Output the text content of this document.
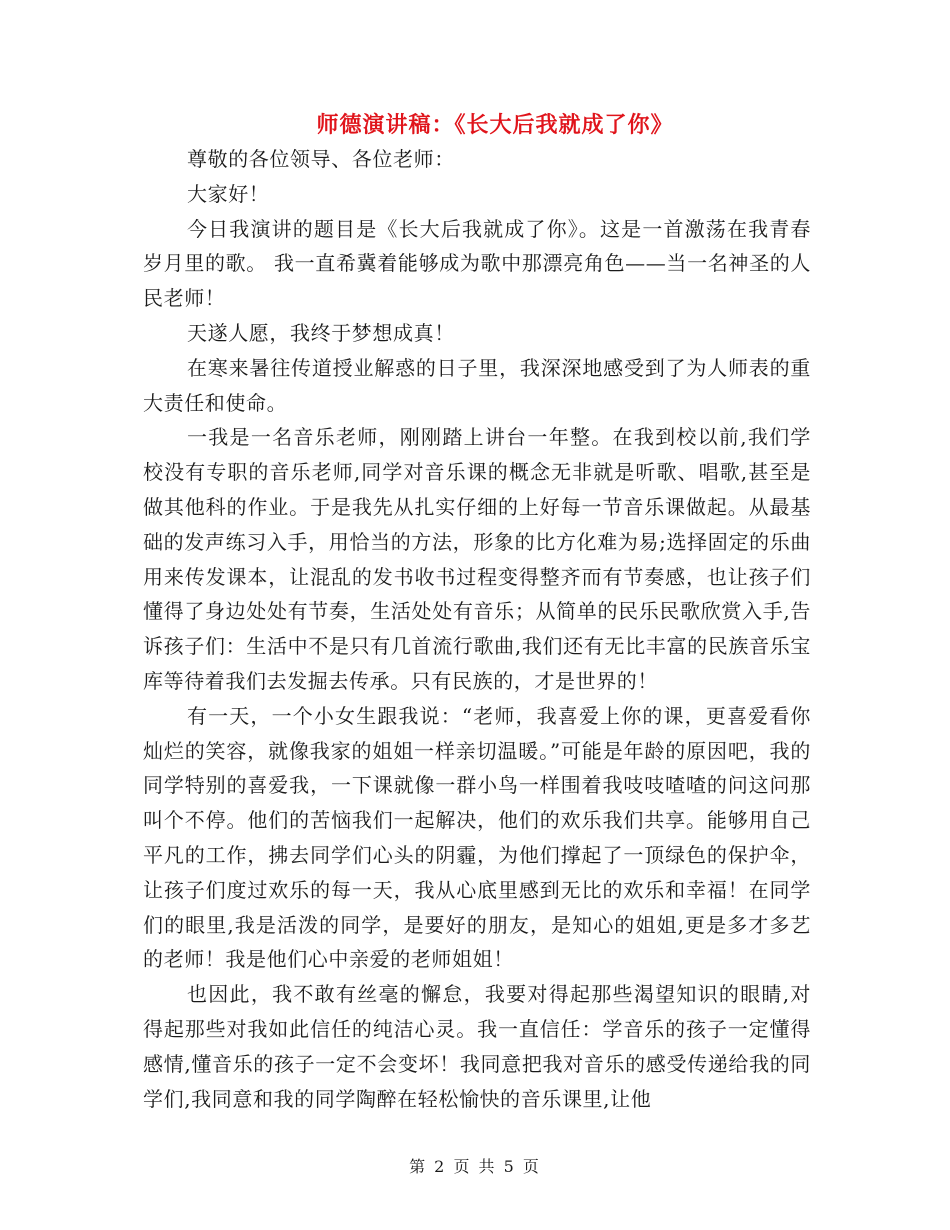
师德演讲稿：《长大后我就成了你》

尊敬的各位领导、各位老师：

大家好！

今日我演讲的题目是《长大后我就成了你》。这是一首激荡在我青春岁月里的歌。 我一直希冀着能够成为歌中那漂亮角色——当一名神圣的人民老师！

天遂人愿，我终于梦想成真！

在寒来暑往传道授业解惑的日子里，我深深地感受到了为人师表的重大责任和使命。

一我是一名音乐老师，刚刚踏上讲台一年整。在我到校以前,我们学校没有专职的音乐老师,同学对音乐课的概念无非就是听歌、唱歌,甚至是做其他科的作业。于是我先从扎实仔细的上好每一节音乐课做起。从最基础的发声练习入手，用恰当的方法，形象的比方化难为易;选择固定的乐曲用来传发课本，让混乱的发书收书过程变得整齐而有节奏感，也让孩子们懂得了身边处处有节奏，生活处处有音乐；从简单的民乐民歌欣赏入手,告诉孩子们：生活中不是只有几首流行歌曲,我们还有无比丰富的民族音乐宝库等待着我们去发掘去传承。只有民族的，才是世界的！

有一天，一个小女生跟我说：“老师，我喜爱上你的课，更喜爱看你灿烂的笑容，就像我家的姐姐一样亲切温暖。”可能是年龄的原因吧，我的同学特别的喜爱我，一下课就像一群小鸟一样围着我吱吱喳喳的问这问那叫个不停。他们的苦恼我们一起解决，他们的欢乐我们共享。能够用自己平凡的工作，拂去同学们心头的阴霾，为他们撑起了一顶绿色的保护伞，让孩子们度过欢乐的每一天，我从心底里感到无比的欢乐和幸福！在同学们的眼里,我是活泼的同学，是要好的朋友，是知心的姐姐,更是多才多艺的老师！我是他们心中亲爱的老师姐姐！

也因此，我不敢有丝毫的懈怠，我要对得起那些渴望知识的眼睛,对得起那些对我如此信任的纯洁心灵。我一直信任：学音乐的孩子一定懂得感情,懂音乐的孩子一定不会变坏！我同意把我对音乐的感受传递给我的同学们,我同意和我的同学陶醉在轻松愉快的音乐课里,让他

第 2 页 共 5 页
